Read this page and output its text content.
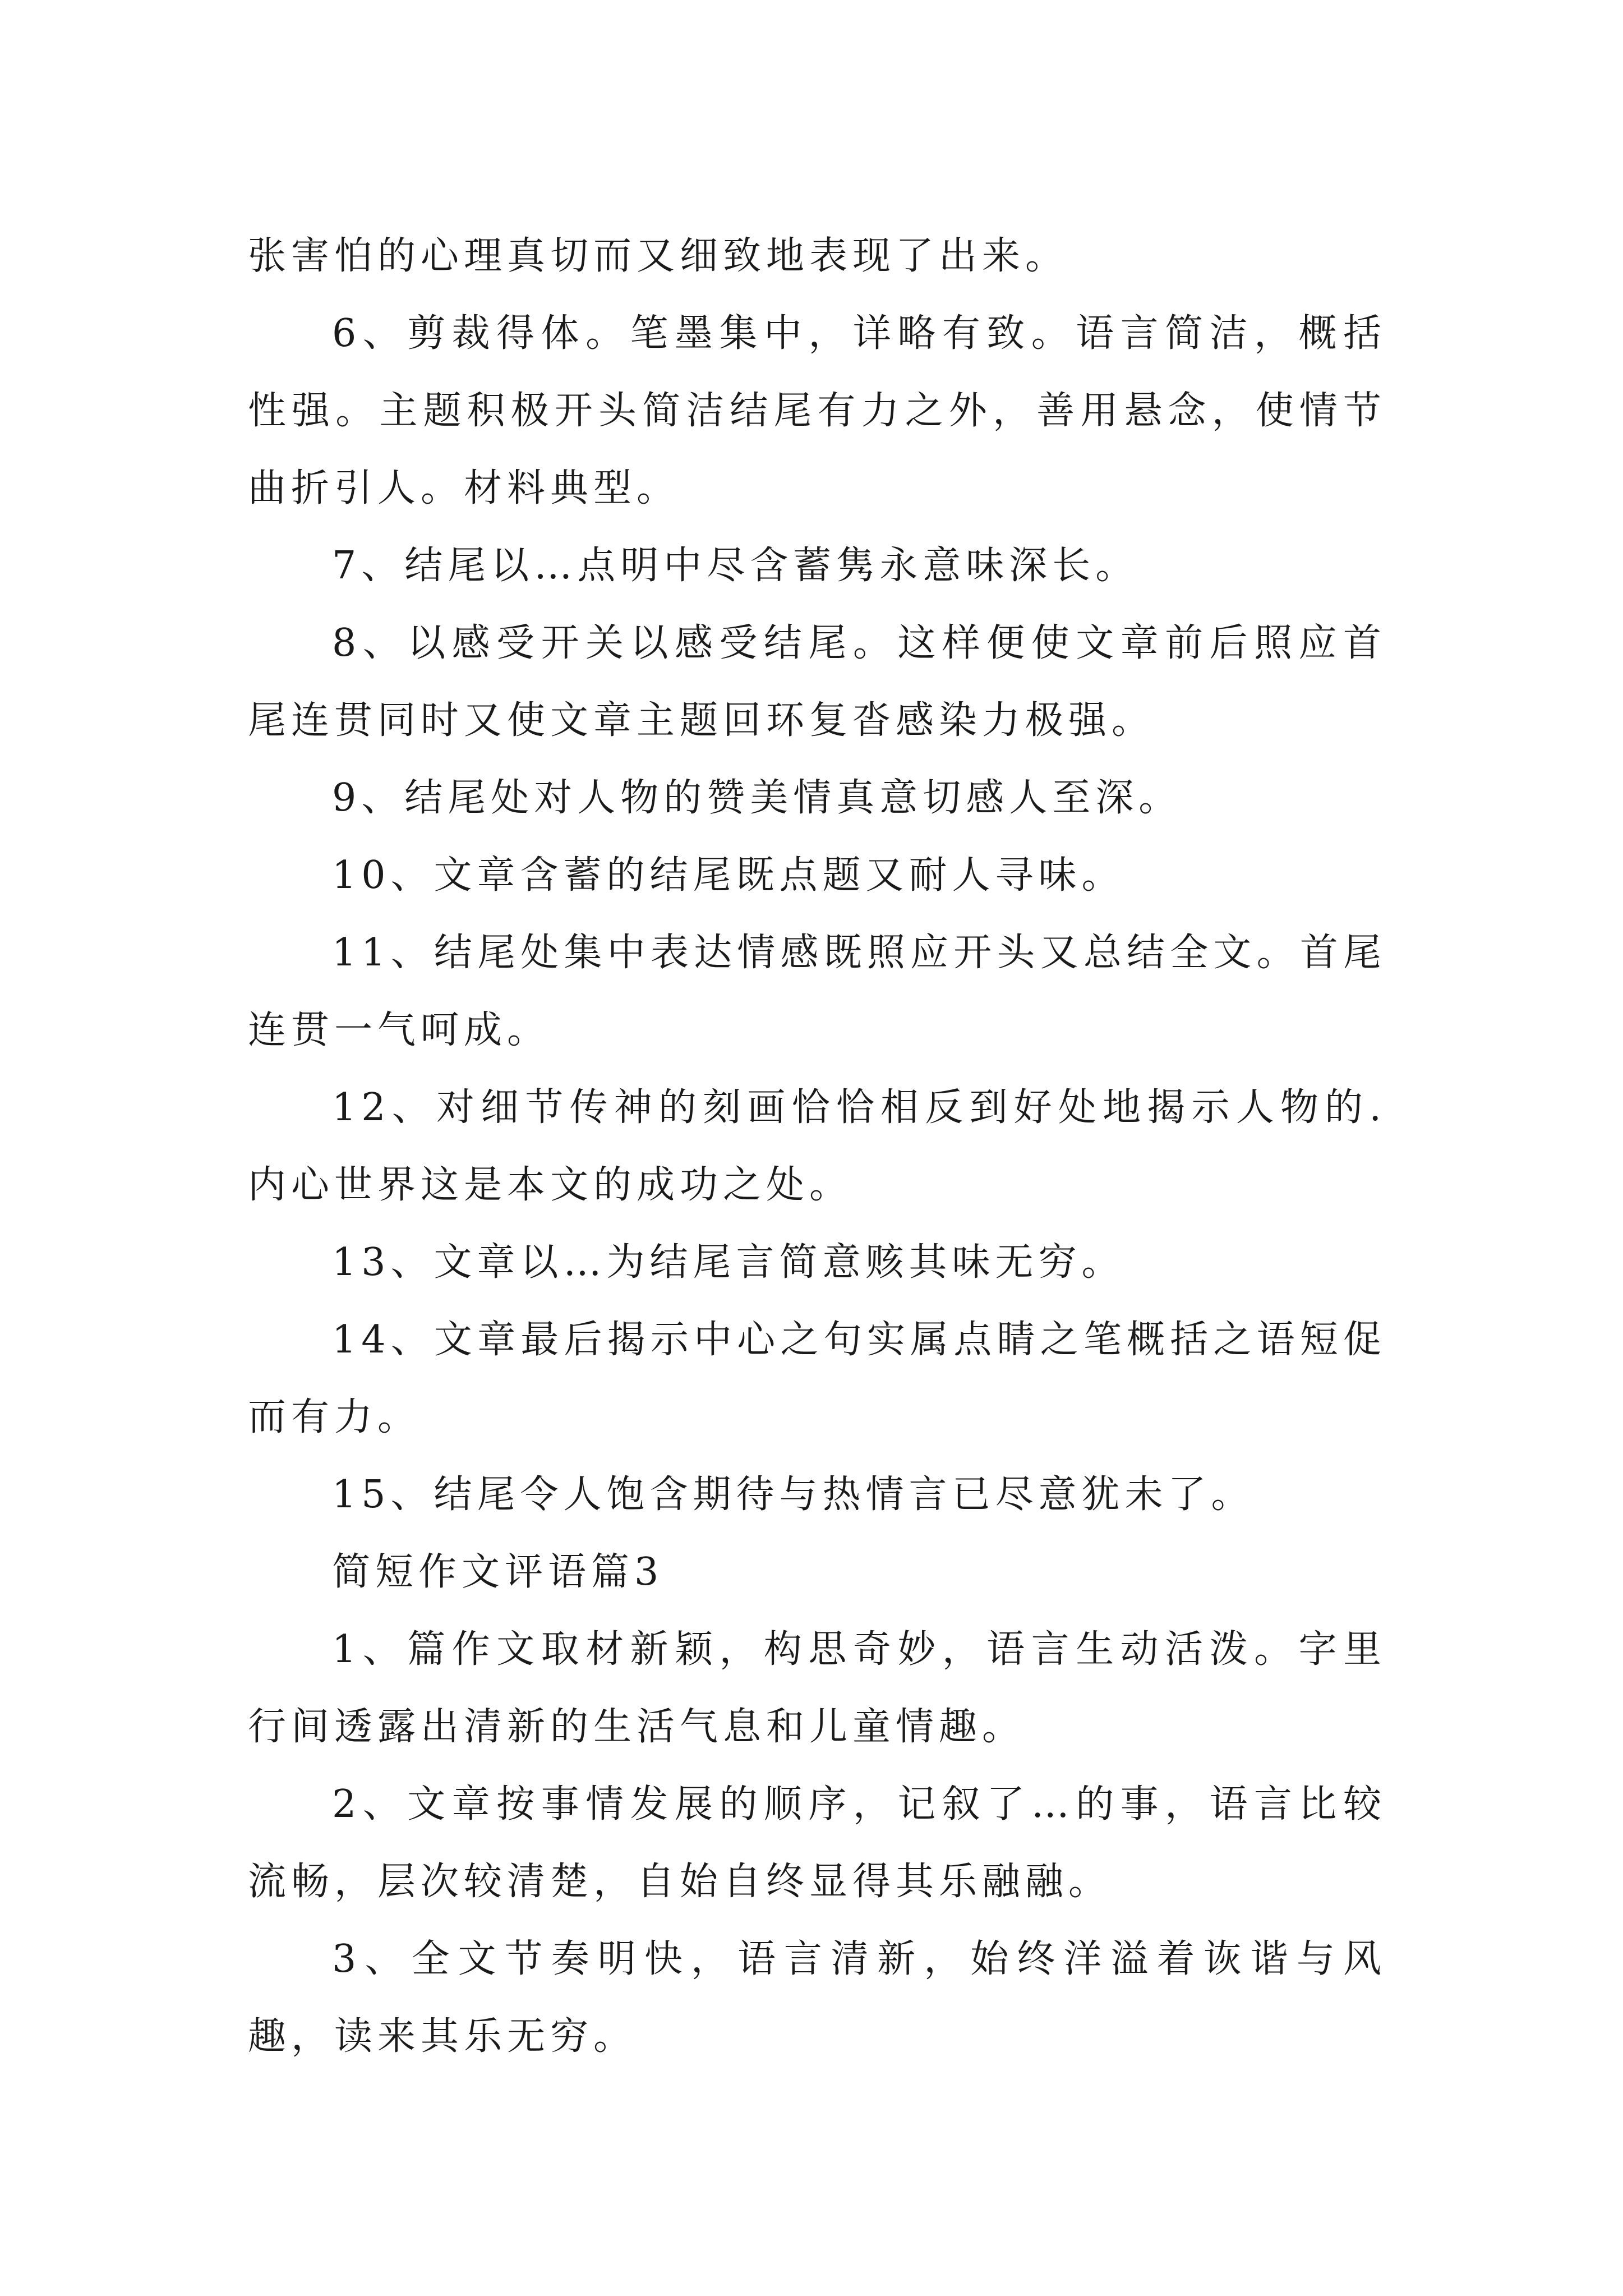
张害怕的心理真切而又细致地表现了出来。

6、剪裁得体。笔墨集中，详略有致。语言简洁，概括性强。主题积极开头简洁结尾有力之外，善用悬念，使情节曲折引人。材料典型。

7、结尾以…点明中尽含蓄隽永意味深长。

8、以感受开关以感受结尾。这样便使文章前后照应首尾连贯同时又使文章主题回环复沓感染力极强。

9、结尾处对人物的赞美情真意切感人至深。

10、文章含蓄的结尾既点题又耐人寻味。

11、结尾处集中表达情感既照应开头又总结全文。首尾连贯一气呵成。

12、对细节传神的刻画恰恰相反到好处地揭示人物的.内心世界这是本文的成功之处。

13、文章以…为结尾言简意赅其味无穷。

14、文章最后揭示中心之句实属点睛之笔概括之语短促而有力。

15、结尾令人饱含期待与热情言已尽意犹未了。

简短作文评语篇3

1、篇作文取材新颖，构思奇妙，语言生动活泼。字里行间透露出清新的生活气息和儿童情趣。

2、文章按事情发展的顺序，记叙了…的事，语言比较流畅，层次较清楚，自始自终显得其乐融融。

3、全文节奏明快，语言清新，始终洋溢着诙谐与风趣，读来其乐无穷。
